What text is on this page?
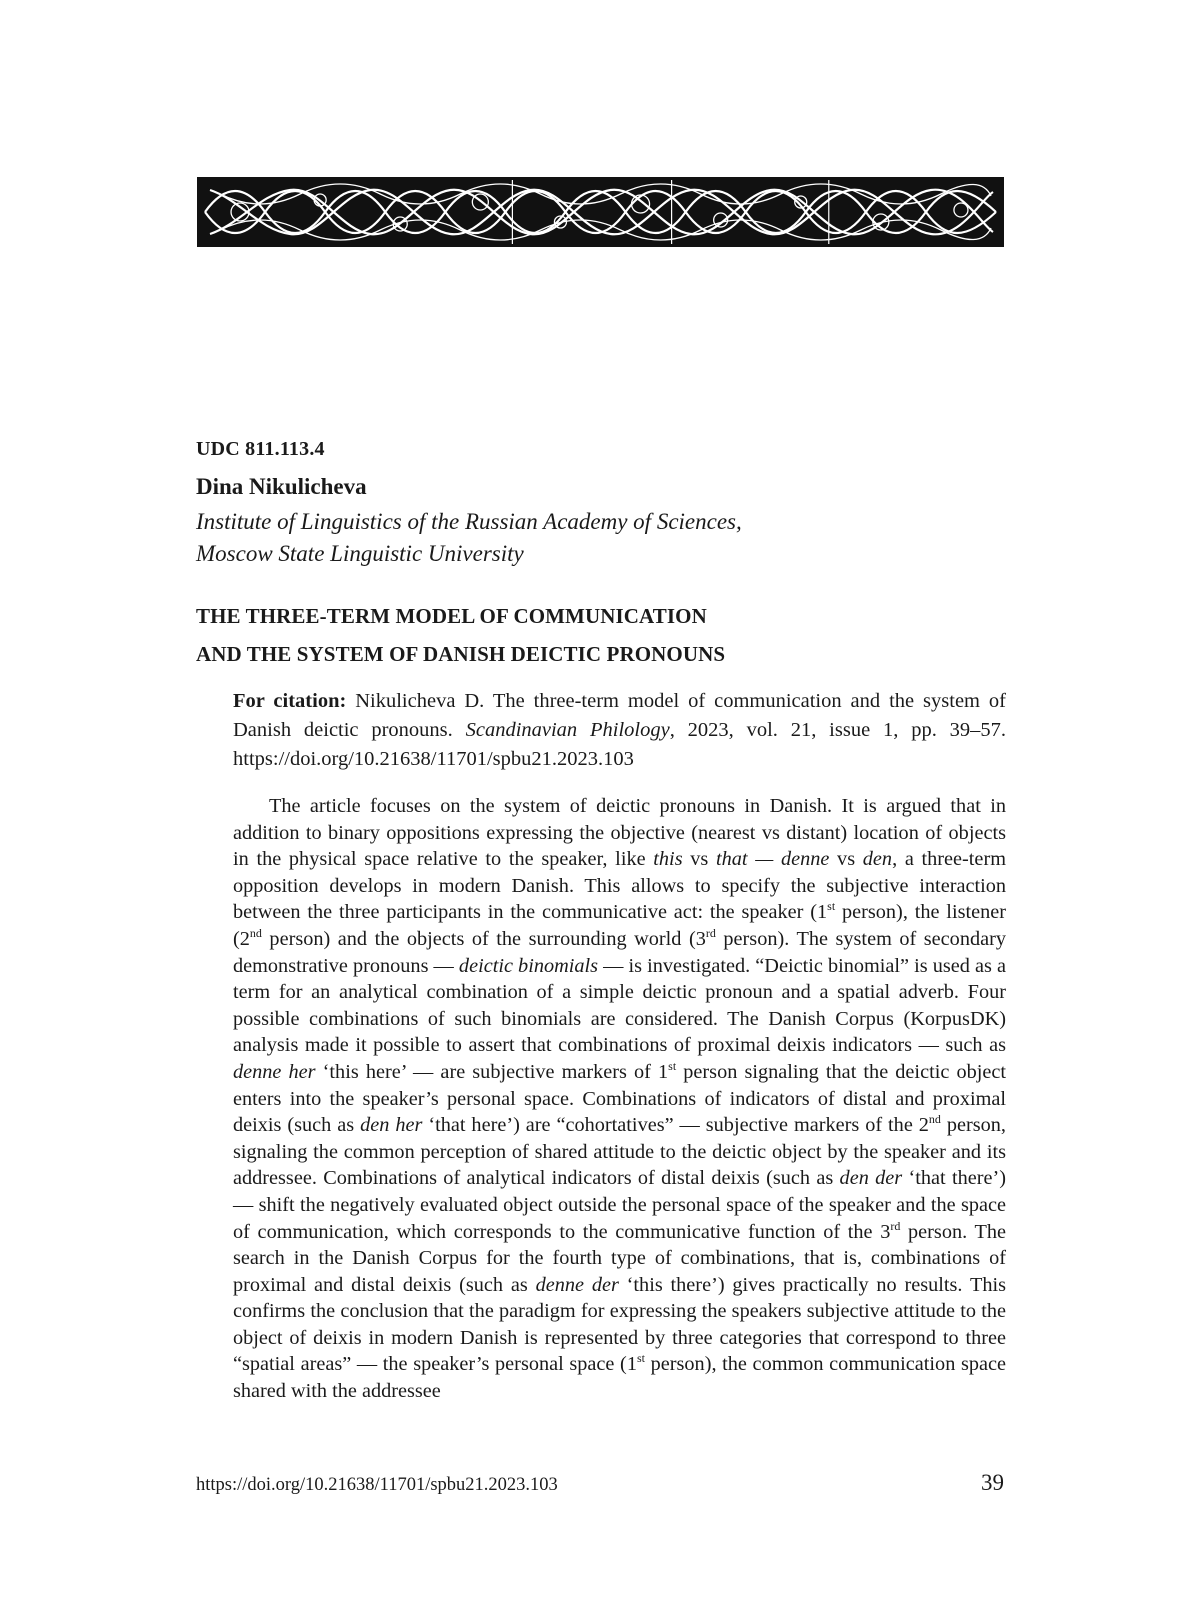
UDC 811.113.4
Dina Nikulicheva
Institute of Linguistics of the Russian Academy of Sciences,
Moscow State Linguistic University
THE THREE-TERM MODEL OF COMMUNICATION
AND THE SYSTEM OF DANISH DEICTIC PRONOUNS
For citation: Nikulicheva D. The three-term model of communication and the system of Danish deictic pronouns. Scandinavian Philology, 2023, vol. 21, issue 1, pp. 39–57. https://doi.org/10.21638/11701/spbu21.2023.103
The article focuses on the system of deictic pronouns in Danish. It is argued that in addition to binary oppositions expressing the objective (nearest vs distant) location of objects in the physical space relative to the speaker, like this vs that — denne vs den, a three-term opposition develops in modern Danish. This allows to specify the subjective interaction between the three participants in the communicative act: the speaker (1st person), the listener (2nd person) and the objects of the surrounding world (3rd person). The system of secondary demonstrative pronouns — deictic binomials — is investigated. “Deictic binomial” is used as a term for an analytical combination of a simple deictic pronoun and a spatial adverb. Four possible combinations of such binomials are considered. The Danish Corpus (KorpusDK) analysis made it possible to assert that combinations of proximal deixis indicators — such as denne her ‘this here’ — are subjective markers of 1st person signaling that the deictic object enters into the speaker’s personal space. Combinations of indicators of distal and proximal deixis (such as den her ‘that here’) are “cohortatives” — subjective markers of the 2nd person, signaling the common perception of shared attitude to the deictic object by the speaker and its addressee. Combinations of analytical indicators of distal deixis (such as den der ‘that there’) — shift the negatively evaluated object outside the personal space of the speaker and the space of communication, which corresponds to the communicative function of the 3rd person. The search in the Danish Corpus for the fourth type of combinations, that is, combinations of proximal and distal deixis (such as denne der ‘this there’) gives practically no results. This confirms the conclusion that the paradigm for expressing the speakers subjective attitude to the object of deixis in modern Danish is represented by three categories that correspond to three “spatial areas” — the speaker’s personal space (1st person), the common communication space shared with the addressee
https://doi.org/10.21638/11701/spbu21.2023.103	39
